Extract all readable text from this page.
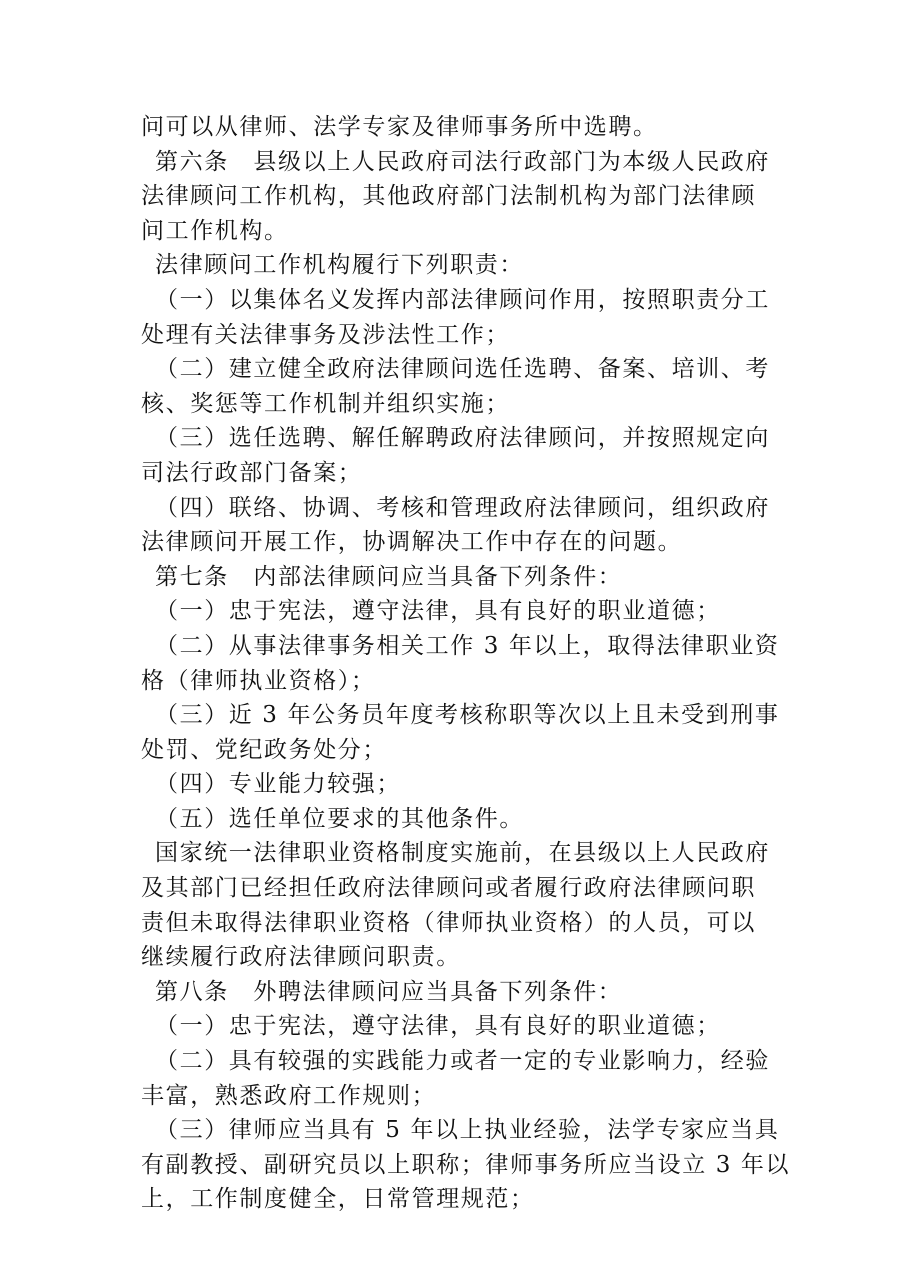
问可以从律师、法学专家及律师事务所中选聘。
第六条　县级以上人民政府司法行政部门为本级人民政府
法律顾问工作机构，其他政府部门法制机构为部门法律顾
问工作机构。
法律顾问工作机构履行下列职责：
（一）以集体名义发挥内部法律顾问作用，按照职责分工
处理有关法律事务及涉法性工作；
（二）建立健全政府法律顾问选任选聘、备案、培训、考
核、奖惩等工作机制并组织实施；
（三）选任选聘、解任解聘政府法律顾问，并按照规定向
司法行政部门备案；
（四）联络、协调、考核和管理政府法律顾问，组织政府
法律顾问开展工作，协调解决工作中存在的问题。
第七条　内部法律顾问应当具备下列条件：
（一）忠于宪法，遵守法律，具有良好的职业道德；
（二）从事法律事务相关工作 3 年以上，取得法律职业资
格（律师执业资格）；
（三）近 3 年公务员年度考核称职等次以上且未受到刑事
处罚、党纪政务处分；
（四）专业能力较强；
（五）选任单位要求的其他条件。
国家统一法律职业资格制度实施前，在县级以上人民政府
及其部门已经担任政府法律顾问或者履行政府法律顾问职
责但未取得法律职业资格（律师执业资格）的人员，可以
继续履行政府法律顾问职责。
第八条　外聘法律顾问应当具备下列条件：
（一）忠于宪法，遵守法律，具有良好的职业道德；
（二）具有较强的实践能力或者一定的专业影响力，经验
丰富，熟悉政府工作规则；
（三）律师应当具有 5 年以上执业经验，法学专家应当具
有副教授、副研究员以上职称；律师事务所应当设立 3 年以
上，工作制度健全，日常管理规范；
